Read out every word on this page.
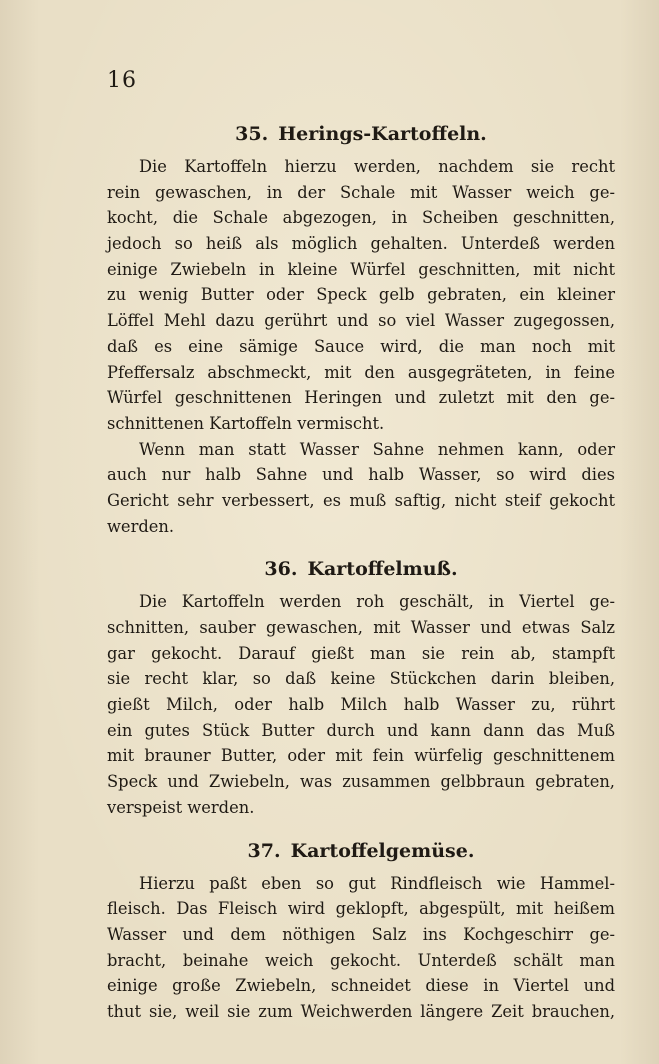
16
35. Herings-Kartoffeln.
Die Kartoffeln hierzu werden, nachdem sie recht
rein gewaschen, in der Schale mit Wasser weich ge-
kocht, die Schale abgezogen, in Scheiben geschnitten,
jedoch so heiß als möglich gehalten. Unterdeß werden
einige Zwiebeln in kleine Würfel geschnitten, mit nicht
zu wenig Butter oder Speck gelb gebraten, ein kleiner
Löffel Mehl dazu gerührt und so viel Wasser zugegossen,
daß es eine sämige Sauce wird, die man noch mit
Pfeffersalz abschmeckt, mit den ausgegräteten, in feine
Würfel geschnittenen Heringen und zuletzt mit den ge-
schnittenen Kartoffeln vermischt.
Wenn man statt Wasser Sahne nehmen kann, oder
auch nur halb Sahne und halb Wasser, so wird dies
Gericht sehr verbessert, es muß saftig, nicht steif gekocht
werden.
36. Kartoffelmuß.
Die Kartoffeln werden roh geschält, in Viertel ge-
schnitten, sauber gewaschen, mit Wasser und etwas Salz
gar gekocht. Darauf gießt man sie rein ab, stampft
sie recht klar, so daß keine Stückchen darin bleiben,
gießt Milch, oder halb Milch halb Wasser zu, rührt
ein gutes Stück Butter durch und kann dann das Muß
mit brauner Butter, oder mit fein würfelig geschnittenem
Speck und Zwiebeln, was zusammen gelbbraun gebraten,
verspeist werden.
37. Kartoffelgemüse.
Hierzu paßt eben so gut Rindfleisch wie Hammel-
fleisch. Das Fleisch wird geklopft, abgespült, mit heißem
Wasser und dem nöthigen Salz ins Kochgeschirr ge-
bracht, beinahe weich gekocht. Unterdeß schält man
einige große Zwiebeln, schneidet diese in Viertel und
thut sie, weil sie zum Weichwerden längere Zeit brauchen,
